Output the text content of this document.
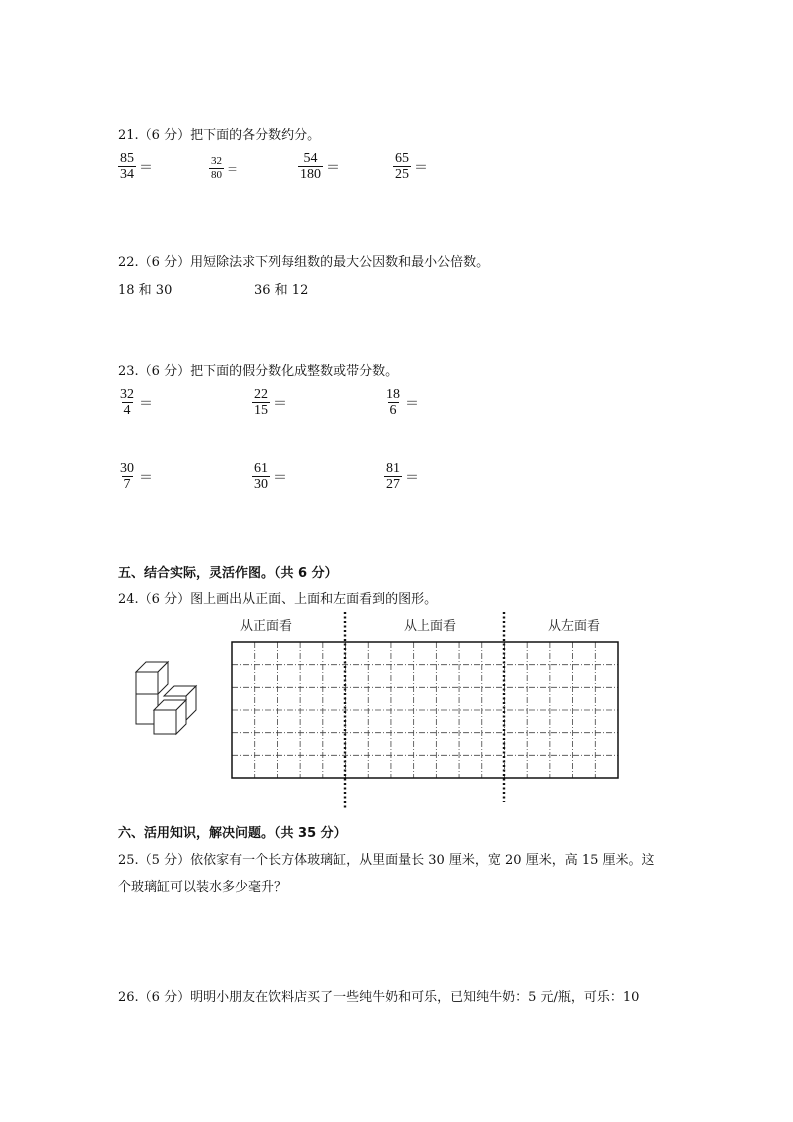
21.（6 分）把下面的各分数约分。
$\frac{85}{34}$ ＝	$\frac{32}{80}$ ＝	$\frac{54}{180}$ ＝	$\frac{65}{25}$ ＝
22.（6 分）用短除法求下列每组数的最大公因数和最小公倍数。
18 和 30	36 和 12
23.（6 分）把下面的假分数化成整数或带分数。
$\frac{32}{4}$ ＝	$\frac{22}{15}$ ＝	$\frac{18}{6}$ ＝
$\frac{30}{7}$ ＝	$\frac{61}{30}$ ＝	$\frac{81}{27}$ ＝
五、结合实际，灵活作图。（共 6 分）
24.（6 分）图上画出从正面、上面和左面看到的图形。
从正面看	从上面看	从左面看
六、活用知识，解决问题。（共 35 分）
25.（5 分）依依家有一个长方体玻璃缸，从里面量长 30 厘米，宽 20 厘米，高 15 厘米。这
个玻璃缸可以装水多少毫升？
26.（6 分）明明小朋友在饮料店买了一些纯牛奶和可乐，已知纯牛奶：5 元/瓶，可乐：10
